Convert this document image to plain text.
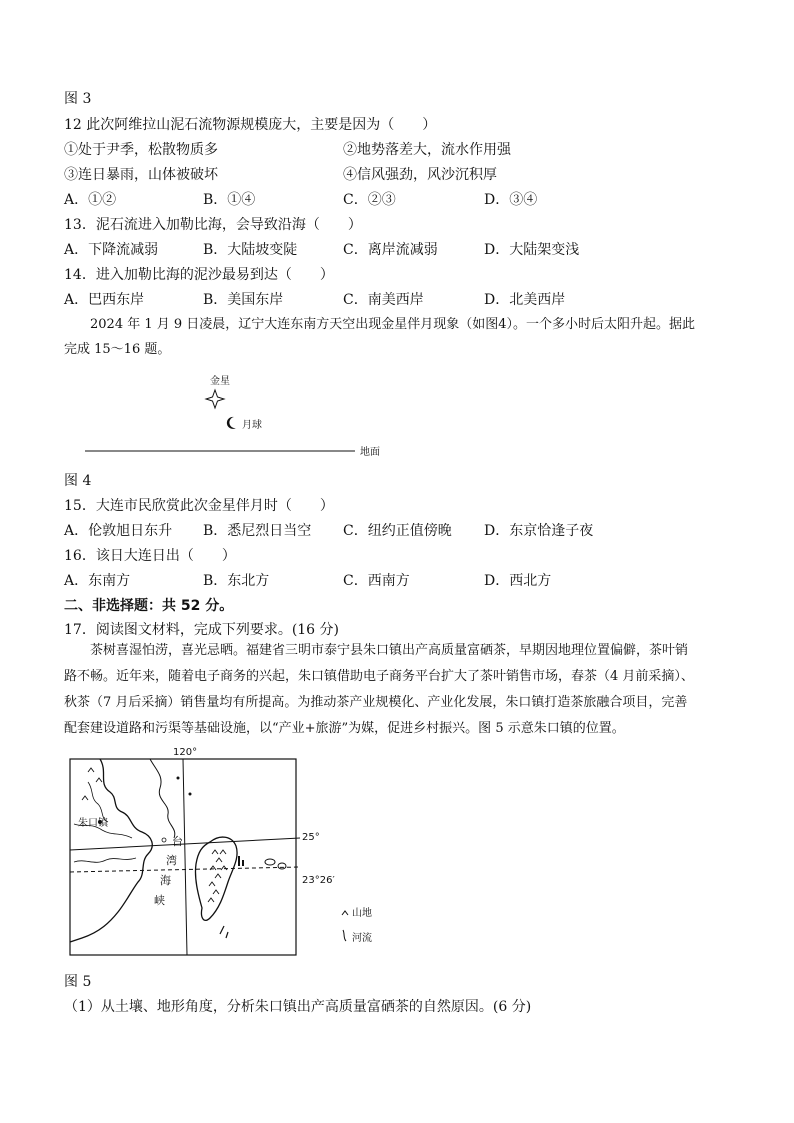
图 3
12 此次阿维拉山泥石流物源规模庞大，主要是因为（　　）
①处于尹季，松散物质多	②地势落差大，流水作用强
③连日暴雨，山体被破坏	④信风强劲，风沙沉积厚
A．①②	B．①④	C．②③	D．③④
13．泥石流进入加勒比海，会导致沿海（　　）
A．下降流减弱	B．大陆坡变陡	C．离岸流减弱	D．大陆架变浅
14．进入加勒比海的泥沙最易到达（　　）
A．巴西东岸	B．美国东岸	C．南美西岸	D．北美西岸
2024 年 1 月 9 日凌晨，辽宁大连东南方天空出现金星伴月现象（如图4）。一个多小时后太阳升起。据此
完成 15～16 题。
金星
月球
地面
图 4
15．大连市民欣赏此次金星伴月时（　　）
A．伦敦旭日东升 B．悉尼烈日当空 C．纽约正值傍晚 D．东京恰逢子夜
16．该日大连日出（　　）
A．东南方	B．东北方	C．西南方	D．西北方
二、非选择题：共 52 分。
17．阅读图文材料，完成下列要求。(16 分)
茶树喜湿怕涝，喜光忌晒。福建省三明市泰宁县朱口镇出产高质量富硒茶，早期因地理位置偏僻，茶叶销
路不畅。近年来，随着电子商务的兴起，朱口镇借助电子商务平台扩大了茶叶销售市场，春茶（4 月前采摘）、
秋茶（7 月后采摘）销售量均有所提高。为推动茶产业规模化、产业化发展，朱口镇打造茶旅融合项目，完善
配套建设道路和污渠等基础设施，以“产业+旅游”为媒，促进乡村振兴。图 5 示意朱口镇的位置。
120°
25°
23°26′
朱口镇
台
湾
海
峡
山地
河流
图 5
（1）从土壤、地形角度，分析朱口镇出产高质量富硒茶的自然原因。(6 分)
